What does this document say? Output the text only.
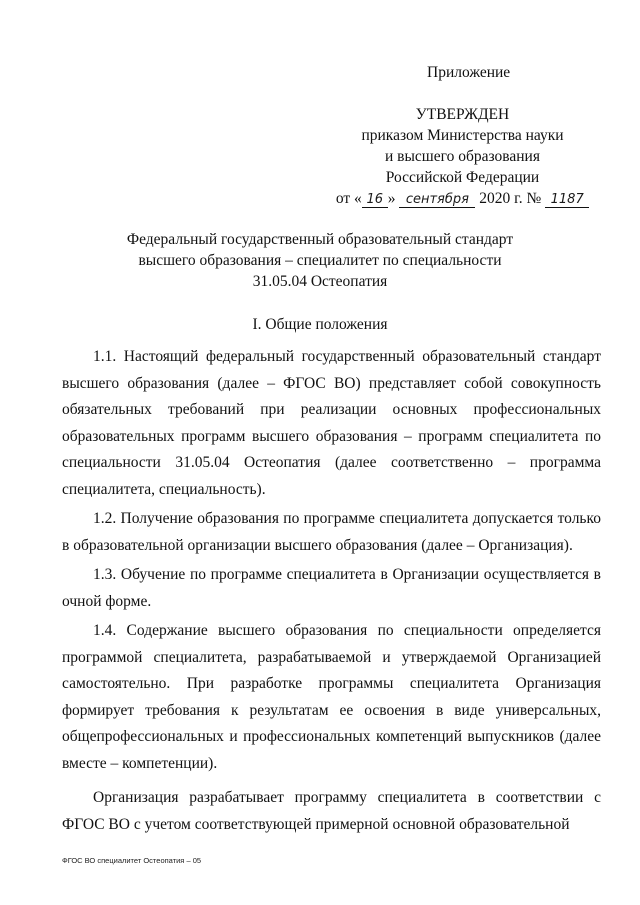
Приложение
УТВЕРЖДЕН
приказом Министерства науки
и высшего образования
Российской Федерации
от « 16 » сентября 2020 г. № 1187
Федеральный государственный образовательный стандарт
высшего образования – специалитет по специальности
31.05.04 Остеопатия
I. Общие положения

1.1. Настоящий федеральный государственный образовательный стандарт высшего образования (далее – ФГОС ВО) представляет собой совокупность обязательных требований при реализации основных профессиональных образовательных программ высшего образования – программ специалитета по специальности 31.05.04 Остеопатия (далее соответственно – программа специалитета, специальность).

1.2. Получение образования по программе специалитета допускается только в образовательной организации высшего образования (далее – Организация).

1.3. Обучение по программе специалитета в Организации осуществляется в очной форме.

1.4. Содержание высшего образования по специальности определяется программой специалитета, разрабатываемой и утверждаемой Организацией самостоятельно. При разработке программы специалитета Организация формирует требования к результатам ее освоения в виде универсальных, общепрофессиональных и профессиональных компетенций выпускников (далее вместе – компетенции).

Организация разрабатывает программу специалитета в соответствии с ФГОС ВО с учетом соответствующей примерной основной образовательной

ФГОС ВО специалитет Остеопатия – 05
